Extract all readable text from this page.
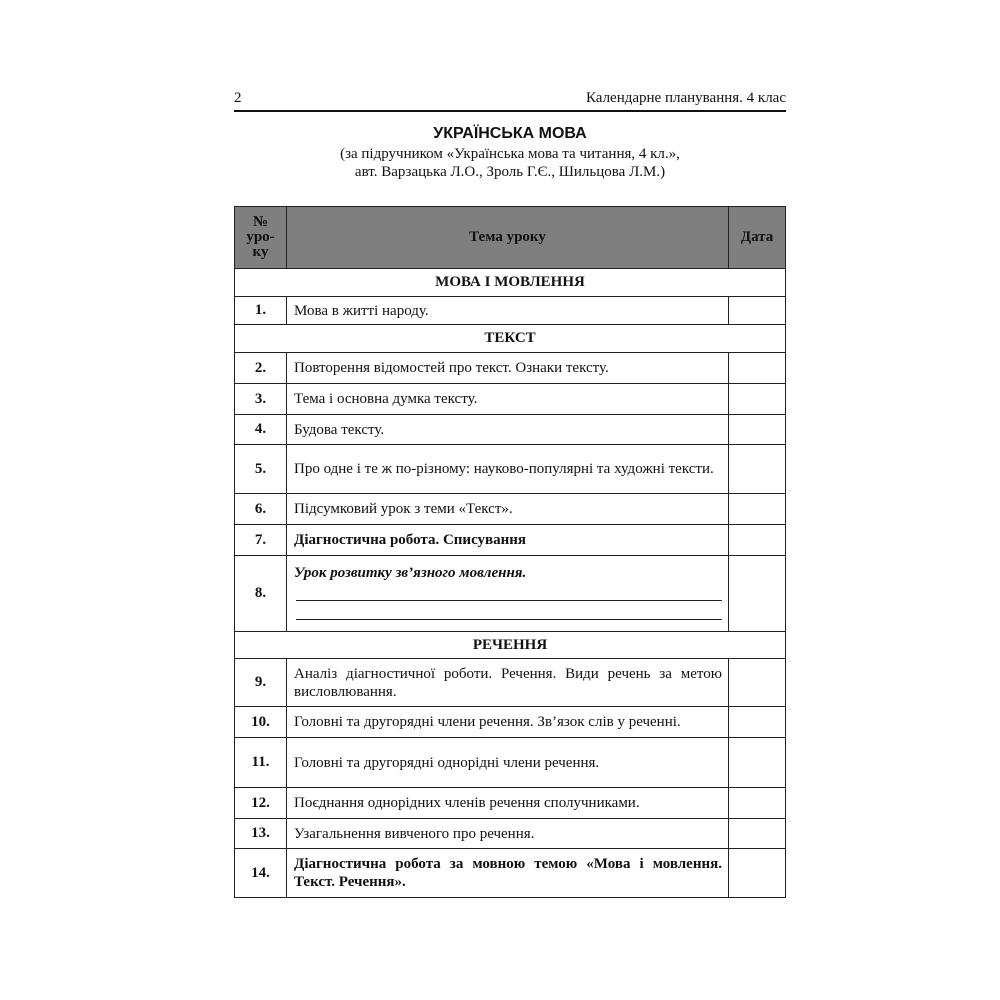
2	Календарне планування. 4 клас
УКРАЇНСЬКА МОВА
(за підручником «Українська мова та читання, 4 кл.»,
авт. Варзацька Л.О., Зроль Г.Є., Шильцова Л.М.)
№
уро-
ку	Тема уроку	Дата
МОВА І МОВЛЕННЯ		
1.	Мова в житті народу.	
ТЕКСТ		
2.	Повторення відомостей про текст. Ознаки тексту.	
3.	Тема і основна думка тексту.	
4.	Будова тексту.	
5.	Про одне і те ж по-різному: науково-популярні та художні тексти.	
6.	Підсумковий урок з теми «Текст».	
7.	Діагностична робота. Списування	
8.	Урок розвитку зв’язного мовлення.	

РЕЧЕННЯ		
9.	Аналіз діагностичної роботи. Речення. Види речень за метою висловлювання.	
10.	Головні та другорядні члени речення. Зв’язок слів у реченні.	
11.	Головні та другорядні однорідні члени речення.	
12.	Поєднання однорідних членів речення сполучниками.	
13.	Узагальнення вивченого про речення.	
14.	Діагностична робота за мовною темою «Мова і мовлення. Текст. Речення».	
